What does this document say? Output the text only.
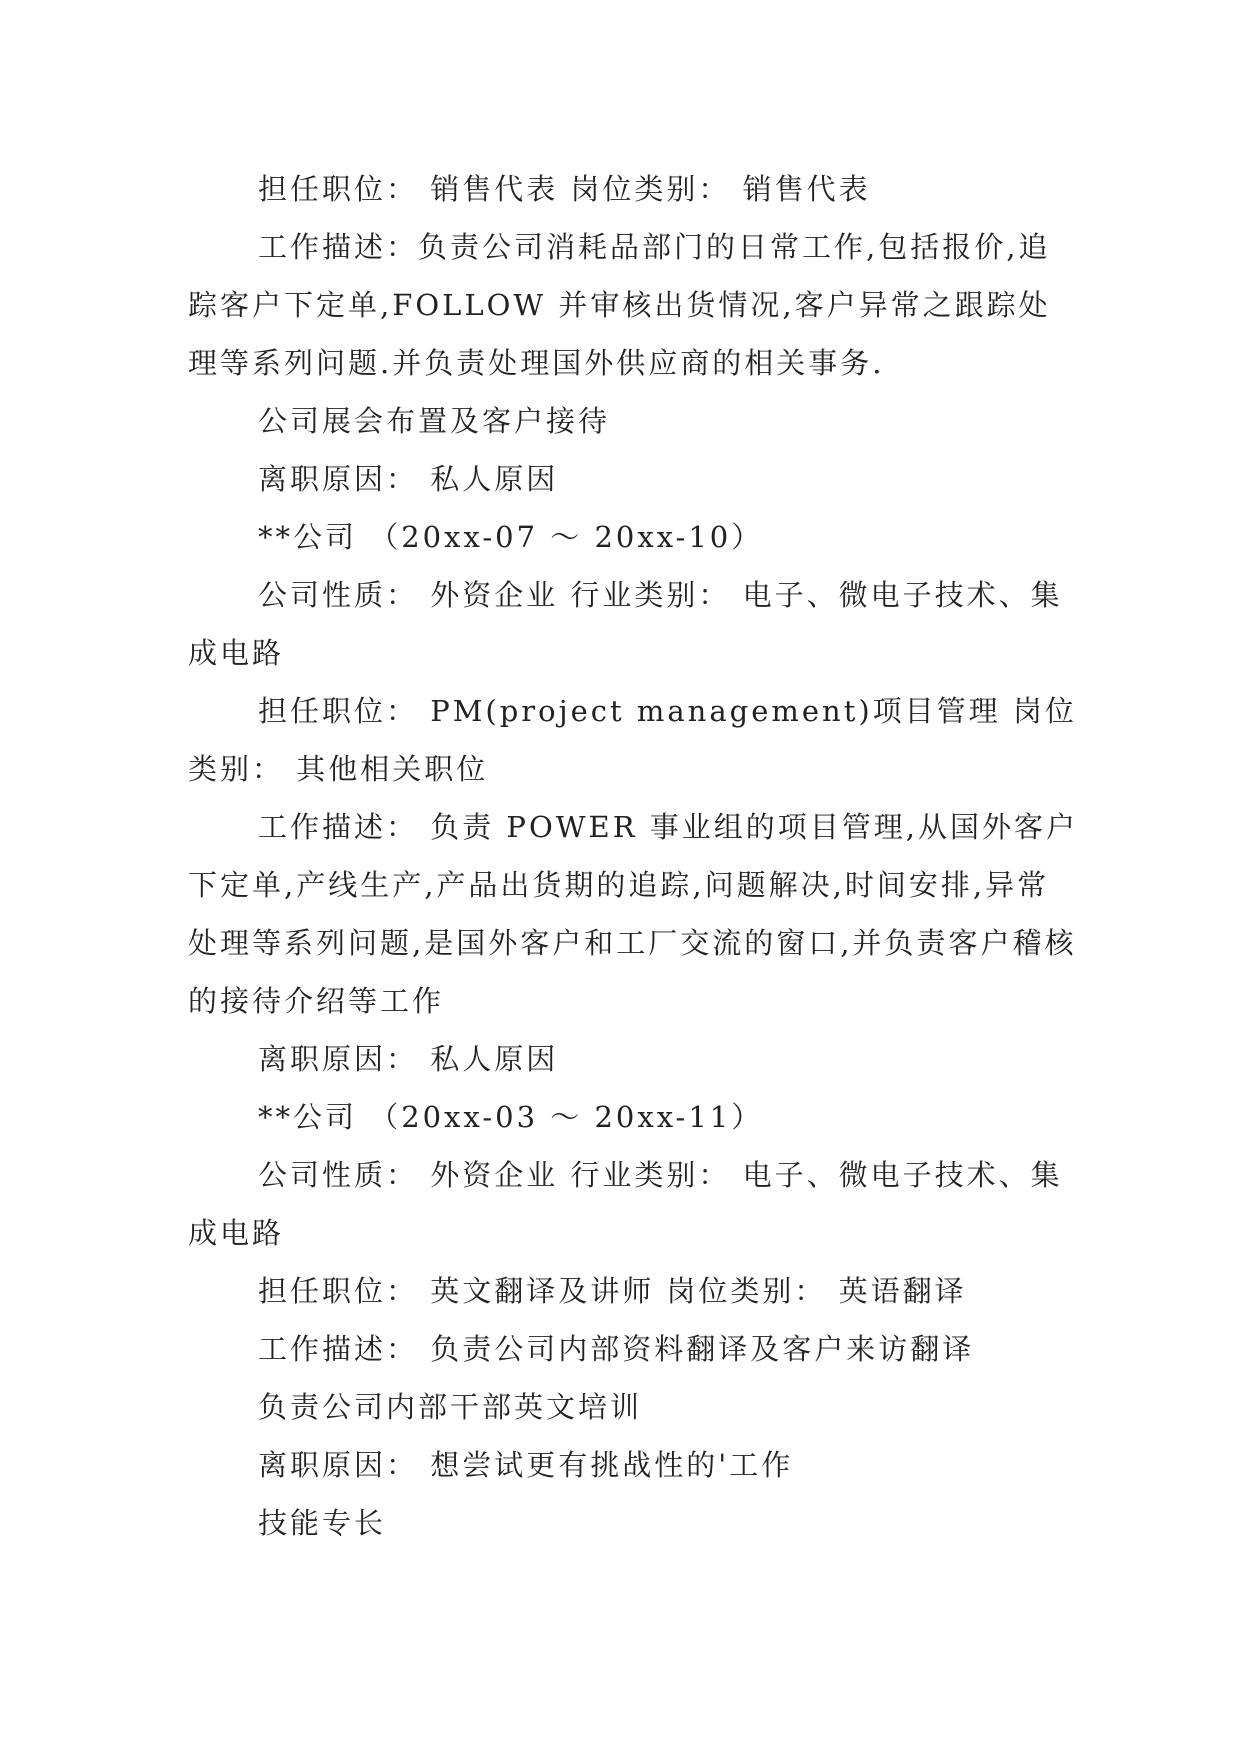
担任职位： 销售代表 岗位类别： 销售代表

工作描述：负责公司消耗品部门的日常工作,包括报价,追踪客户下定单,FOLLOW 并审核出货情况,客户异常之跟踪处理等系列问题.并负责处理国外供应商的相关事务.

公司展会布置及客户接待

离职原因： 私人原因

**公司 （20xx-07 ～ 20xx-10）

公司性质： 外资企业 行业类别： 电子、微电子技术、集成电路

担任职位： PM(project management)项目管理 岗位类别： 其他相关职位

工作描述： 负责 POWER 事业组的项目管理,从国外客户下定单,产线生产,产品出货期的追踪,问题解决,时间安排,异常处理等系列问题,是国外客户和工厂交流的窗口,并负责客户稽核的接待介绍等工作

离职原因： 私人原因

**公司 （20xx-03 ～ 20xx-11）

公司性质： 外资企业 行业类别： 电子、微电子技术、集成电路

担任职位： 英文翻译及讲师 岗位类别： 英语翻译

工作描述： 负责公司内部资料翻译及客户来访翻译

负责公司内部干部英文培训

离职原因： 想尝试更有挑战性的'工作

技能专长
